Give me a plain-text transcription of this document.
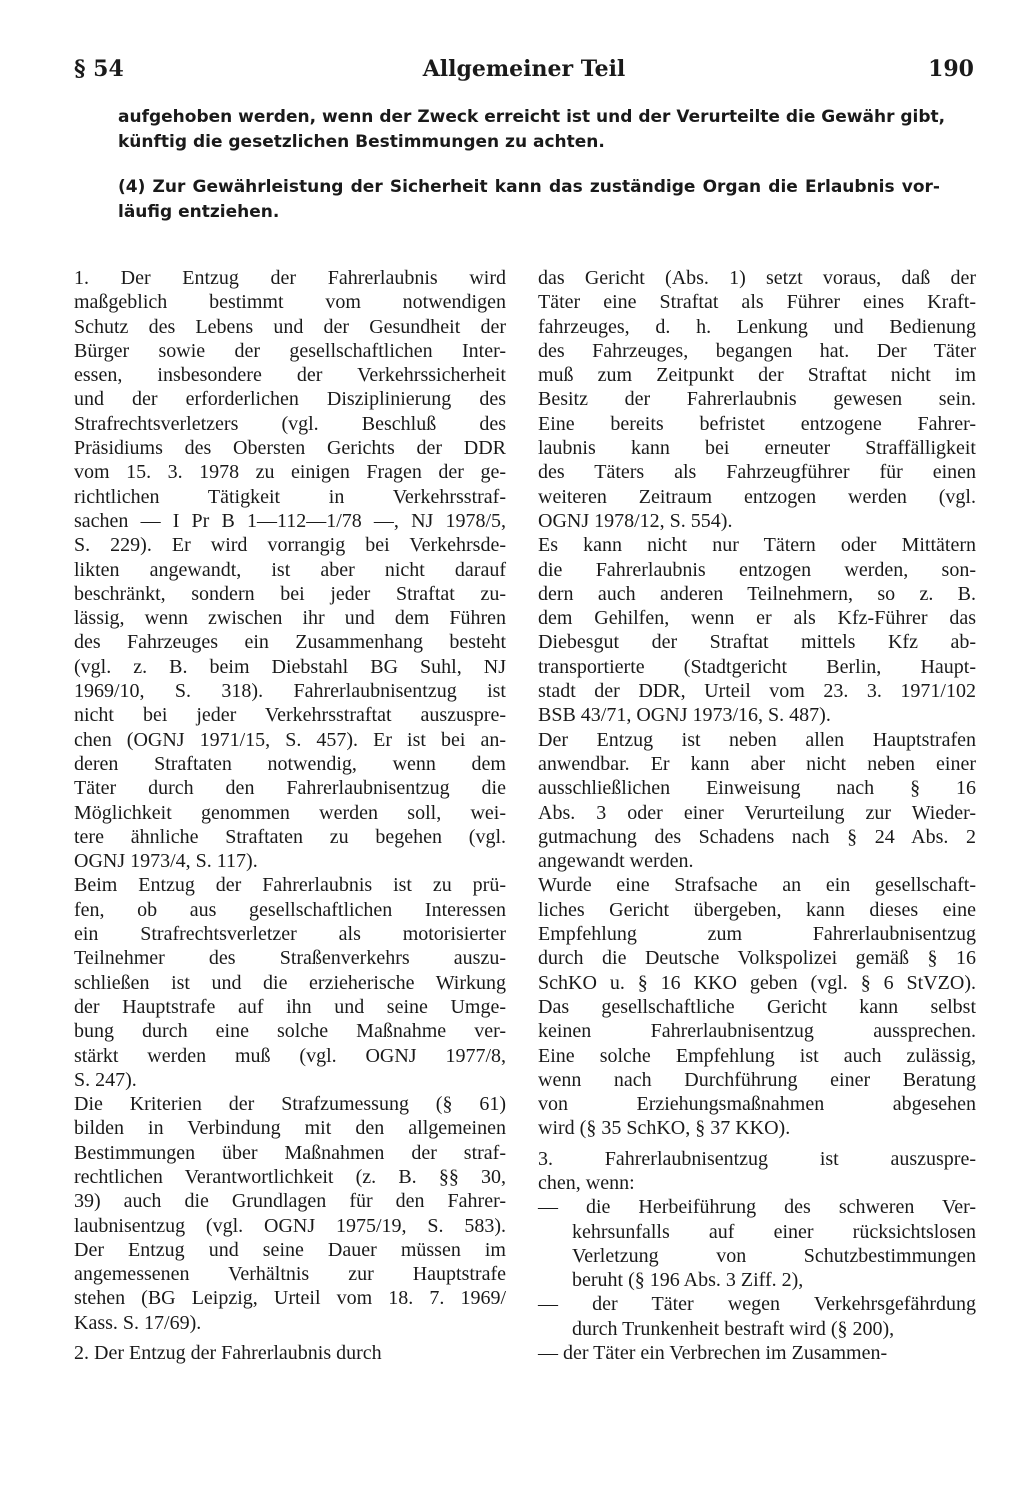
§ 54	Allgemeiner Teil	190

aufgehoben werden, wenn der Zweck erreicht ist und der Verurteilte die Gewähr gibt,

künftig die gesetzlichen Bestimmungen zu achten.

(4) Zur Gewährleistung der Sicherheit kann das zuständige Organ die Erlaubnis vor-

läufig entziehen.

1. Der Entzug der Fahrerlaubnis wird
maßgeblich bestimmt vom notwendigen
Schutz des Lebens und der Gesundheit der
Bürger sowie der gesellschaftlichen Inter-
essen, insbesondere der Verkehrssicherheit
und der erforderlichen Disziplinierung des
Strafrechtsverletzers (vgl. Beschluß des
Präsidiums des Obersten Gerichts der DDR
vom 15. 3. 1978 zu einigen Fragen der ge-
richtlichen Tätigkeit in Verkehrsstraf-
sachen — I Pr B 1—112—1/78 —, NJ 1978/5,
S. 229). Er wird vorrangig bei Verkehrsde-
likten angewandt, ist aber nicht darauf
beschränkt, sondern bei jeder Straftat zu-
lässig, wenn zwischen ihr und dem Führen
des Fahrzeuges ein Zusammenhang besteht
(vgl. z. B. beim Diebstahl BG Suhl, NJ
1969/10, S. 318). Fahrerlaubnisentzug ist
nicht bei jeder Verkehrsstraftat auszuspre-
chen (OGNJ 1971/15, S. 457). Er ist bei an-
deren Straftaten notwendig, wenn dem
Täter durch den Fahrerlaubnisentzug die
Möglichkeit genommen werden soll, wei-
tere ähnliche Straftaten zu begehen (vgl.
OGNJ 1973/4, S. 117).
Beim Entzug der Fahrerlaubnis ist zu prü-
fen, ob aus gesellschaftlichen Interessen
ein Strafrechtsverletzer als motorisierter
Teilnehmer des Straßenverkehrs auszu-
schließen ist und die erzieherische Wirkung
der Hauptstrafe auf ihn und seine Umge-
bung durch eine solche Maßnahme ver-
stärkt werden muß (vgl. OGNJ 1977/8,
S. 247).
Die Kriterien der Strafzumessung (§ 61)
bilden in Verbindung mit den allgemeinen
Bestimmungen über Maßnahmen der straf-
rechtlichen Verantwortlichkeit (z. B. §§ 30,
39) auch die Grundlagen für den Fahrer-
laubnisentzug (vgl. OGNJ 1975/19, S. 583).
Der Entzug und seine Dauer müssen im
angemessenen Verhältnis zur Hauptstrafe
stehen (BG Leipzig, Urteil vom 18. 7. 1969/
Kass. S. 17/69).
2. Der Entzug der Fahrerlaubnis durch
das Gericht (Abs. 1) setzt voraus, daß der
Täter eine Straftat als Führer eines Kraft-
fahrzeuges, d. h. Lenkung und Bedienung
des Fahrzeuges, begangen hat. Der Täter
muß zum Zeitpunkt der Straftat nicht im
Besitz der Fahrerlaubnis gewesen sein.
Eine bereits befristet entzogene Fahrer-
laubnis kann bei erneuter Straffälligkeit
des Täters als Fahrzeugführer für einen
weiteren Zeitraum entzogen werden (vgl.
OGNJ 1978/12, S. 554).
Es kann nicht nur Tätern oder Mittätern
die Fahrerlaubnis entzogen werden, son-
dern auch anderen Teilnehmern, so z. B.
dem Gehilfen, wenn er als Kfz-Führer das
Diebesgut der Straftat mittels Kfz ab-
transportierte (Stadtgericht Berlin, Haupt-
stadt der DDR, Urteil vom 23. 3. 1971/102
BSB 43/71, OGNJ 1973/16, S. 487).
Der Entzug ist neben allen Hauptstrafen
anwendbar. Er kann aber nicht neben einer
ausschließlichen Einweisung nach § 16
Abs. 3 oder einer Verurteilung zur Wieder-
gutmachung des Schadens nach § 24 Abs. 2
angewandt werden.
Wurde eine Strafsache an ein gesellschaft-
liches Gericht übergeben, kann dieses eine
Empfehlung zum Fahrerlaubnisentzug
durch die Deutsche Volkspolizei gemäß § 16
SchKO u. § 16 KKO geben (vgl. § 6 StVZO).
Das gesellschaftliche Gericht kann selbst
keinen Fahrerlaubnisentzug aussprechen.
Eine solche Empfehlung ist auch zulässig,
wenn nach Durchführung einer Beratung
von Erziehungsmaßnahmen abgesehen
wird (§ 35 SchKO, § 37 KKO).
3. Fahrerlaubnisentzug ist auszuspre-
chen, wenn:
— die Herbeiführung des schweren Ver-
kehrsunfalls auf einer rücksichtslosen
Verletzung von Schutzbestimmungen
beruht (§ 196 Abs. 3 Ziff. 2),
— der Täter wegen Verkehrsgefährdung
durch Trunkenheit bestraft wird (§ 200),
— der Täter ein Verbrechen im Zusammen-
